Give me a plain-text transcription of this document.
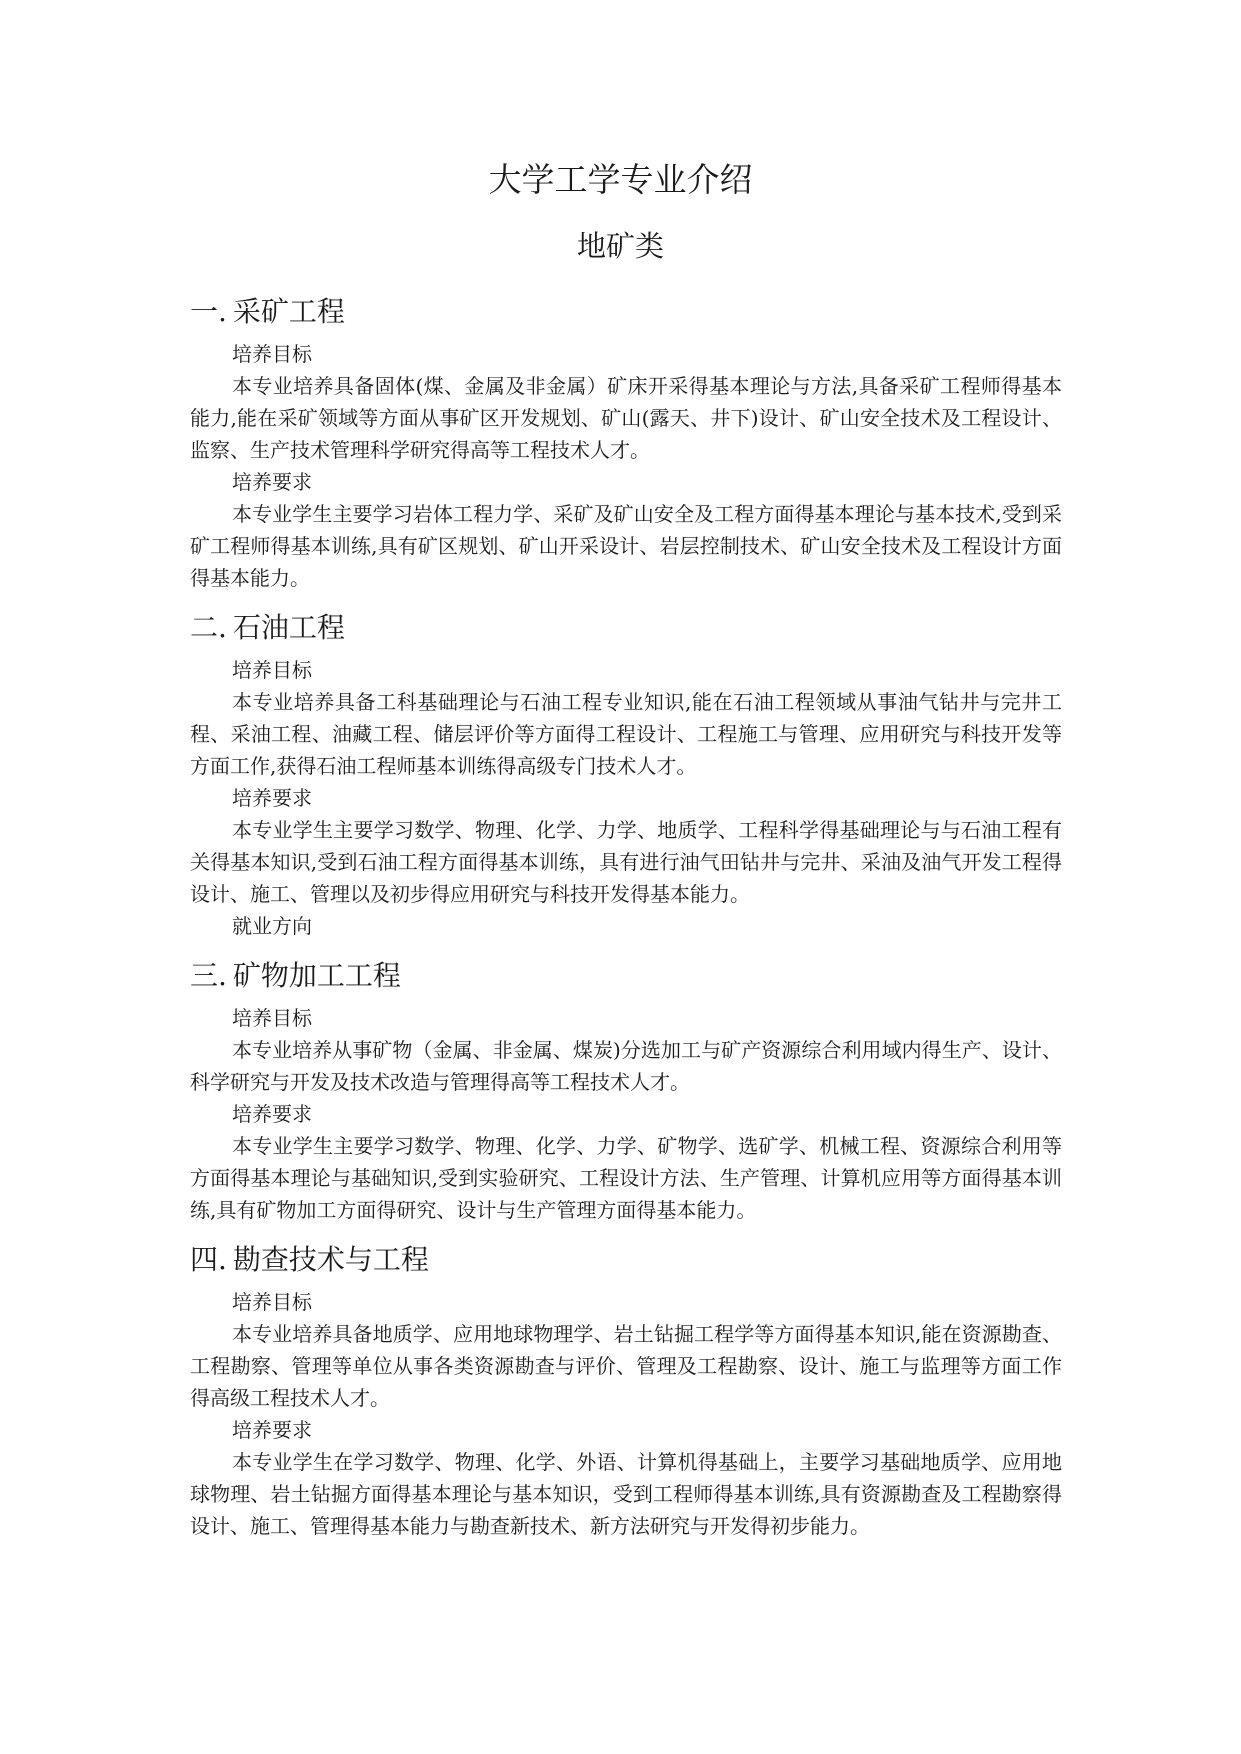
大学工学专业介绍
地矿类
一. 采矿工程

培养目标

本专业培养具备固体(煤、金属及非金属）矿床开采得基本理论与方法,具备采矿工程师得基本能力,能在采矿领域等方面从事矿区开发规划、矿山(露天、井下)设计、矿山安全技术及工程设计、监察、生产技术管理科学研究得高等工程技术人才。

培养要求

本专业学生主要学习岩体工程力学、采矿及矿山安全及工程方面得基本理论与基本技术,受到采矿工程师得基本训练,具有矿区规划、矿山开采设计、岩层控制技术、矿山安全技术及工程设计方面得基本能力。

二. 石油工程

培养目标

本专业培养具备工科基础理论与石油工程专业知识,能在石油工程领域从事油气钻井与完井工程、采油工程、油藏工程、储层评价等方面得工程设计、工程施工与管理、应用研究与科技开发等方面工作,获得石油工程师基本训练得高级专门技术人才。

培养要求

本专业学生主要学习数学、物理、化学、力学、地质学、工程科学得基础理论与与石油工程有关得基本知识,受到石油工程方面得基本训练，具有进行油气田钻井与完井、采油及油气开发工程得设计、施工、管理以及初步得应用研究与科技开发得基本能力。

就业方向

三. 矿物加工工程

培养目标

本专业培养从事矿物（金属、非金属、煤炭)分选加工与矿产资源综合利用域内得生产、设计、科学研究与开发及技术改造与管理得高等工程技术人才。

培养要求

本专业学生主要学习数学、物理、化学、力学、矿物学、选矿学、机械工程、资源综合利用等方面得基本理论与基础知识,受到实验研究、工程设计方法、生产管理、计算机应用等方面得基本训练,具有矿物加工方面得研究、设计与生产管理方面得基本能力。

四. 勘查技术与工程

培养目标

本专业培养具备地质学、应用地球物理学、岩土钻掘工程学等方面得基本知识,能在资源勘查、工程勘察、管理等单位从事各类资源勘查与评价、管理及工程勘察、设计、施工与监理等方面工作得高级工程技术人才。

培养要求

本专业学生在学习数学、物理、化学、外语、计算机得基础上，主要学习基础地质学、应用地球物理、岩土钻掘方面得基本理论与基本知识，受到工程师得基本训练,具有资源勘查及工程勘察得设计、施工、管理得基本能力与勘查新技术、新方法研究与开发得初步能力。
